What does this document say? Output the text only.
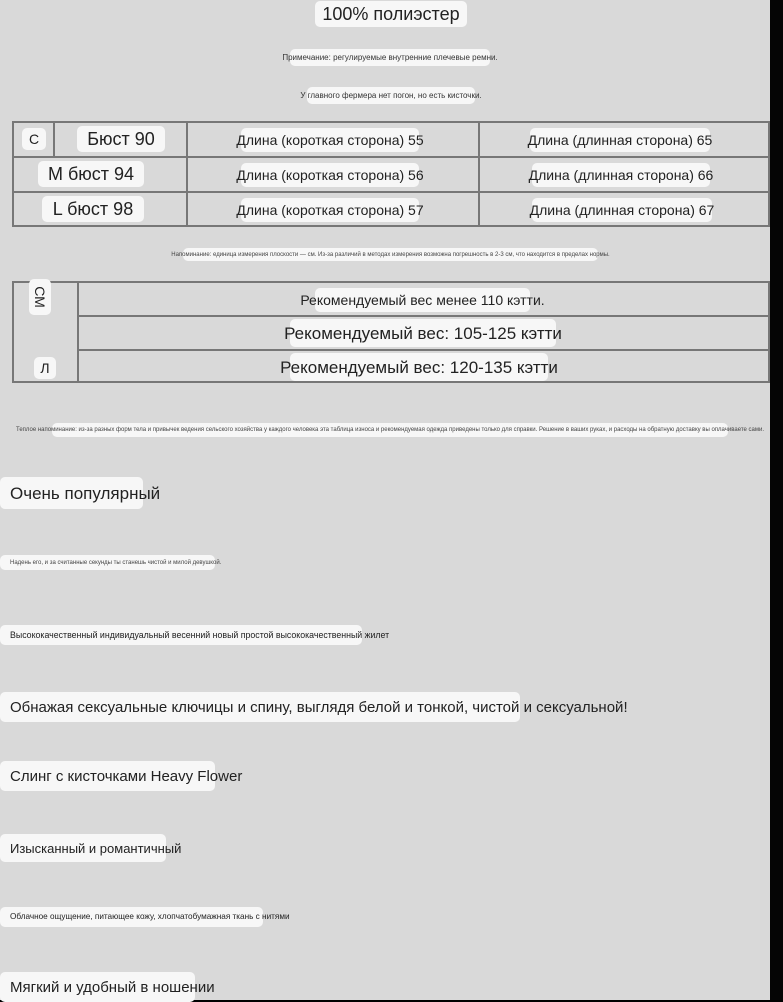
100% полиэстер
Примечание: регулируемые внутренние плечевые ремни.
У главного фермера нет погон, но есть кисточки.
С	Бюст 90
М бюст 94
L бюст 98
Длина (короткая сторона) 55
Длина (короткая сторона) 56
Длина (короткая сторона) 57
Длина (длинная сторона) 65
Длина (длинная сторона) 66
Длина (длинная сторона) 67
Напоминание: единица измерения плоскости — см. Из-за различий в методах измерения возможна погрешность в 2-3 см, что находится в пределах нормы.
СМ
Л
Рекомендуемый вес менее 110 кэтти.
Рекомендуемый вес: 105-125 кэтти
Рекомендуемый вес: 120-135 кэтти
Теплое напоминание: из-за разных форм тела и привычек ведения сельского хозяйства у каждого человека эта таблица износа и рекомендуемая одежда приведены только для справки. Решение в ваших руках, и расходы на обратную доставку вы оплачиваете сами.
Очень популярный
Надень его, и за считанные секунды ты станешь чистой и милой девушкой.
Высококачественный индивидуальный весенний новый простой высококачественный жилет
Обнажая сексуальные ключицы и спину, выглядя белой и тонкой, чистой и сексуальной!
Слинг с кисточками Heavy Flower
Изысканный и романтичный
Облачное ощущение, питающее кожу, хлопчатобумажная ткань с нитями
Мягкий и удобный в ношении
